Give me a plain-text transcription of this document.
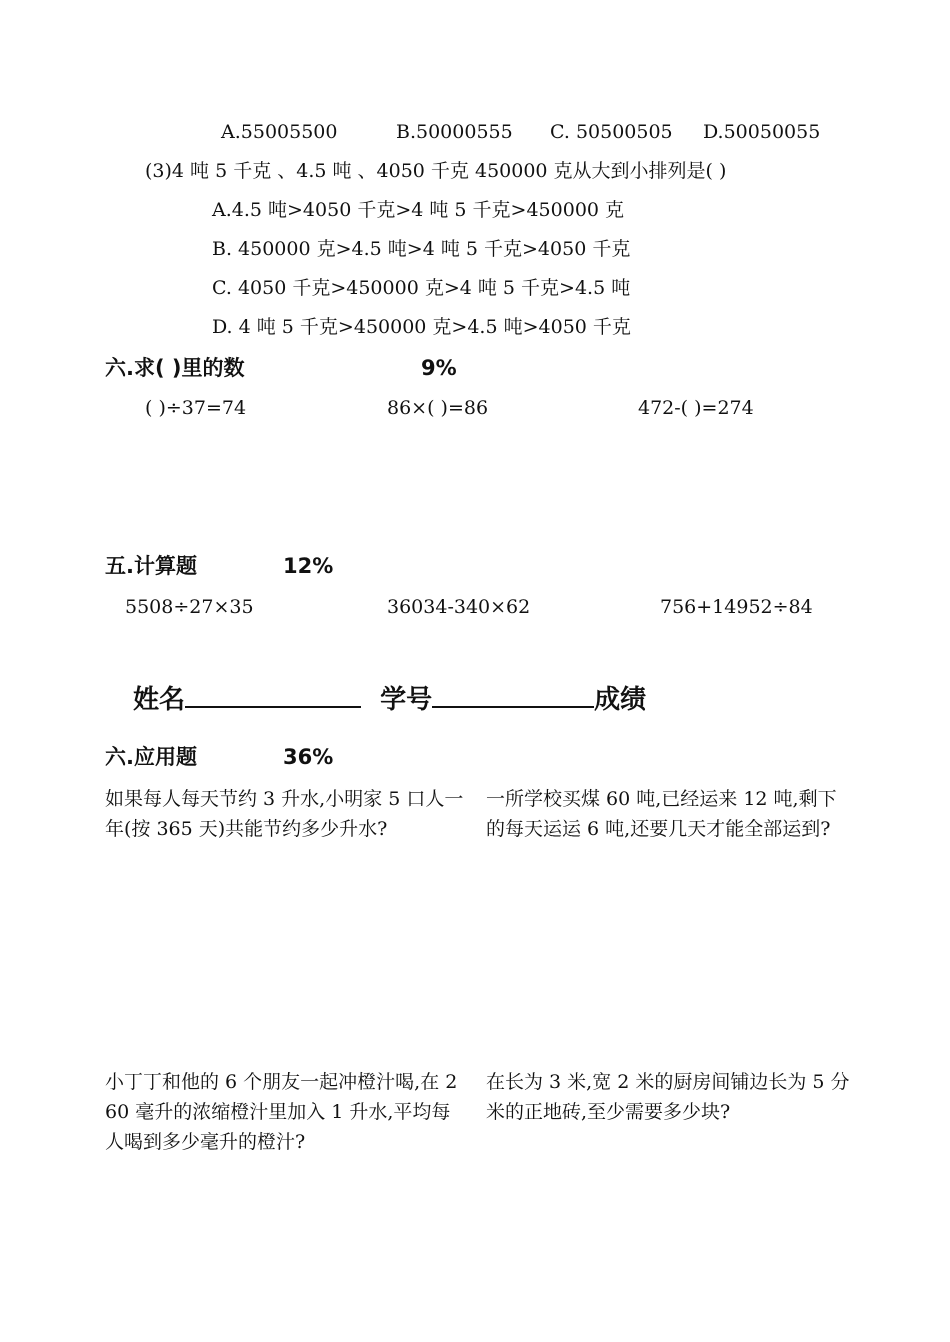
A.55005500	B.50000555 C. 50500505 D.50050055
(3)4 吨 5 千克 、4.5 吨 、4050 千克 450000 克从大到小排列是( )
A.4.5 吨>4050 千克>4 吨 5 千克>450000 克
B. 450000 克>4.5 吨>4 吨 5 千克>4050 千克
C. 4050 千克>450000 克>4 吨 5 千克>4.5 吨
D. 4 吨 5 千克>450000 克>4.5 吨>4050 千克
六.求( )里的数	9%
( )÷37=74	86×( )=86	472-( )=274
五.计算题	12%
5508÷27×35	36034-340×62	756+14952÷84
姓名	学号	成绩
六.应用题	36%
如果每人每天节约 3 升水,小明家 5 口人一年(按 365 天)共能节约多少升水?
一所学校买煤 60 吨,已经运来 12 吨,剩下的每天运运 6 吨,还要几天才能全部运到?
小丁丁和他的 6 个朋友一起冲橙汁喝,在 260 毫升的浓缩橙汁里加入 1 升水,平均每人喝到多少毫升的橙汁?
在长为 3 米,宽 2 米的厨房间铺边长为 5 分米的正地砖,至少需要多少块?
